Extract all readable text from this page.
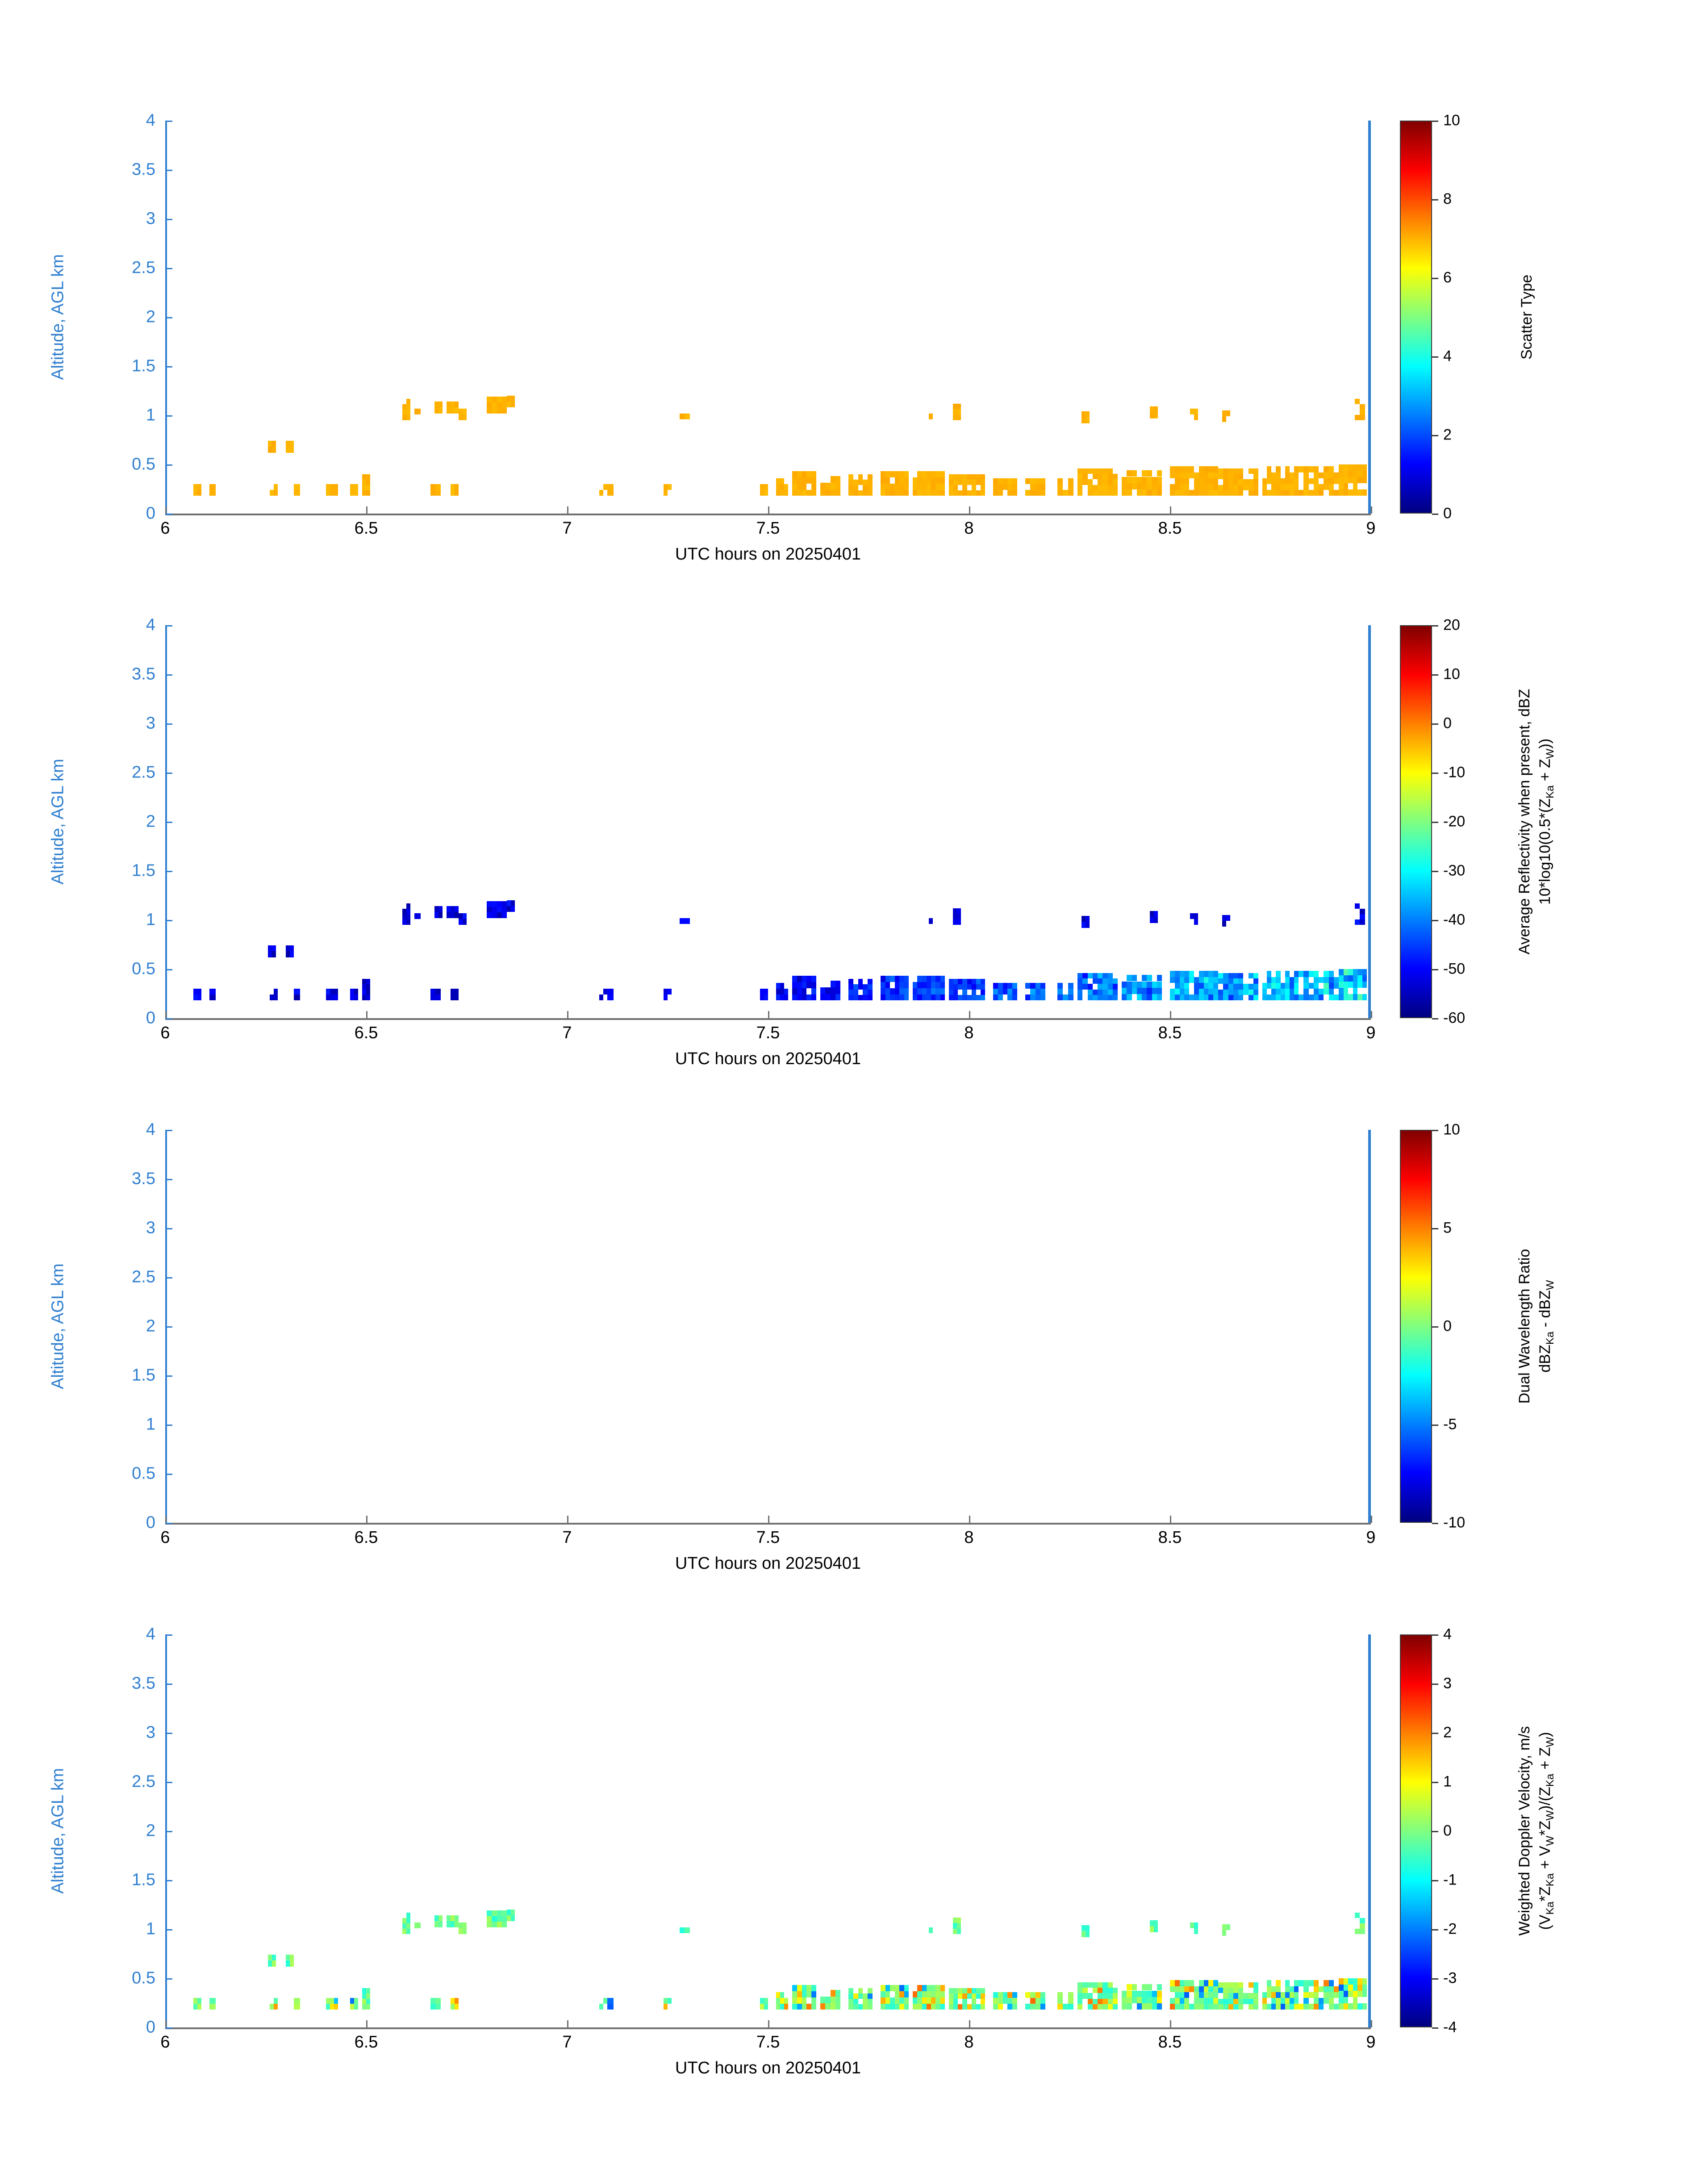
6	6.5	7	7.5	8	8.5	9
0
0.5
1
1.5
2
2.5
3
3.5
4
UTC hours on 20250401
Altitude, AGL km
0
2
4
6
8
10
Scatter Type
6	6.5	7	7.5	8	8.5	9
0
0.5
1
1.5
2
2.5
3
3.5
4
UTC hours on 20250401
Altitude, AGL km
-60
-50
-40
-30
-20
-10
0
10
20
Average Reflectivity when present, dBZ $10*\log 10(0.5*(Z_{Ka} + Z_W))$
6	6.5	7	7.5	8	8.5	9
0
0.5
1
1.5
2
2.5
3
3.5
4
UTC hours on 20250401
Altitude, AGL km
-10
-5
0
5
10
Dual Wavelength Ratio dBZ$_{Ka}$ - dBZ$_W$
6	6.5	7	7.5	8	8.5	9
0
0.5
1
1.5
2
2.5
3
3.5
4
UTC hours on 20250401
Altitude, AGL km
-4
-3
-2
-1
0
1
2
3
4
Weighted Doppler Velocity, m/s $(V_{Ka}*Z_{Ka} + V_W*Z_W)/(Z_{Ka} + Z_W)$
